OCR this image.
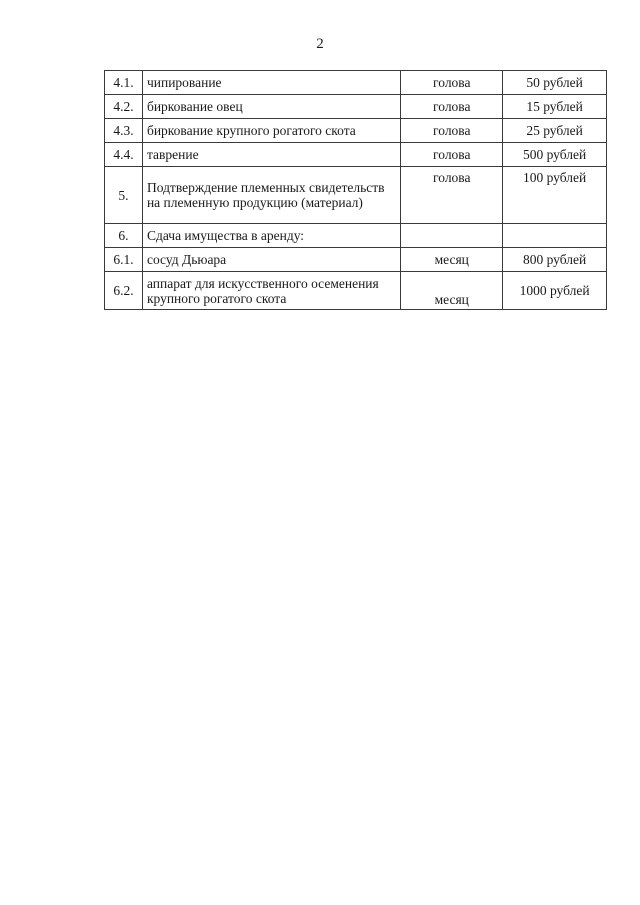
2
4.1.	чипирование	голова	50 рублей
4.2.	биркование овец	голова	15 рублей
4.3.	биркование крупного рогатого скота	голова	25 рублей
4.4.	таврение	голова	500 рублей
5.	Подтверждение племенных свидетельств на племенную продукцию (материал)	голова	100 рублей
6.	Сдача имущества в аренду:		
6.1.	сосуд Дьюара	месяц	800 рублей
6.2.	аппарат для искусственного осеменения крупного рогатого скота	месяц	1000 рублей
